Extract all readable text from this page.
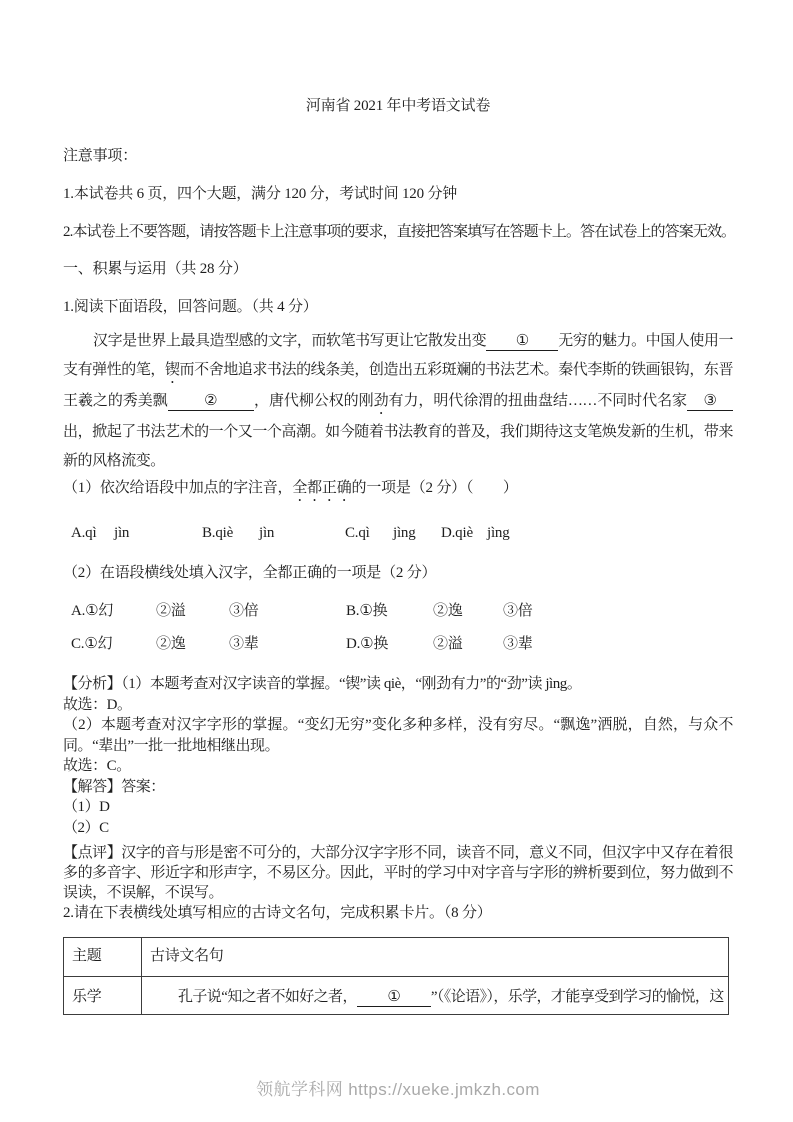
河南省 2021 年中考语文试卷
注意事项：
1.本试卷共 6 页，四个大题，满分 120 分，考试时间 120 分钟
2.本试卷上不要答题，请按答题卡上注意事项的要求，直接把答案填写在答题卡上。答在试卷上的答案无效。
一、积累与运用（共 28 分）
1.阅读下面语段，回答问题。（共 4 分）

汉字是世界上最具造型感的文字，而软笔书写更让它散发出变 ① 无穷的魅力。中国人使用一支有弹性的笔，锲而不舍地追求书法的线条美，创造出五彩斑斓的书法艺术。秦代李斯的铁画银钩，东晋王羲之的秀美飘 ② ，唐代柳公权的刚劲有力，明代徐渭的扭曲盘结……不同时代名家 ③出，掀起了书法艺术的一个又一个高潮。如今随着书法教育的普及，我们期待这支笔焕发新的生机，带来新的风格流变。

（1）依次给语段中加点的字注音，全都正确的一项是（2 分）（　　）
A.qì	jìn	B.qiè	jìn	C.qì	jìng	D.qiè jìng
（2）在语段横线处填入汉字，全都正确的一项是（2 分）
A.①幻	②溢	③倍	B.①换	②逸	③倍
C.①幻	②逸	③辈	D.①换	②溢	③辈

【分析】（1）本题考查对汉字读音的掌握。“锲”读 qiè，“刚劲有力”的“劲”读 jìng。

故选：D。

（2）本题考查对汉字字形的掌握。“变幻无穷”变化多种多样，没有穷尽。“飘逸”洒脱，自然，与众不同。“辈出”一批一批地相继出现。

故选：C。

【解答】答案：

（1）D

（2）C

【点评】汉字的音与形是密不可分的，大部分汉字字形不同，读音不同，意义不同，但汉字中又存在着很多的多音字、形近字和形声字，不易区分。因此，平时的学习中对字音与字形的辨析要到位，努力做到不误读，不误解，不误写。

2.请在下表横线处填写相应的古诗文名句，完成积累卡片。（8 分）
主题	古诗文名句
乐学	孔子说“知之者不如好之者， ① ”（《论语》），乐学，才能享受到学习的愉悦，这
领航学科网 https://xueke.jmkzh.com
